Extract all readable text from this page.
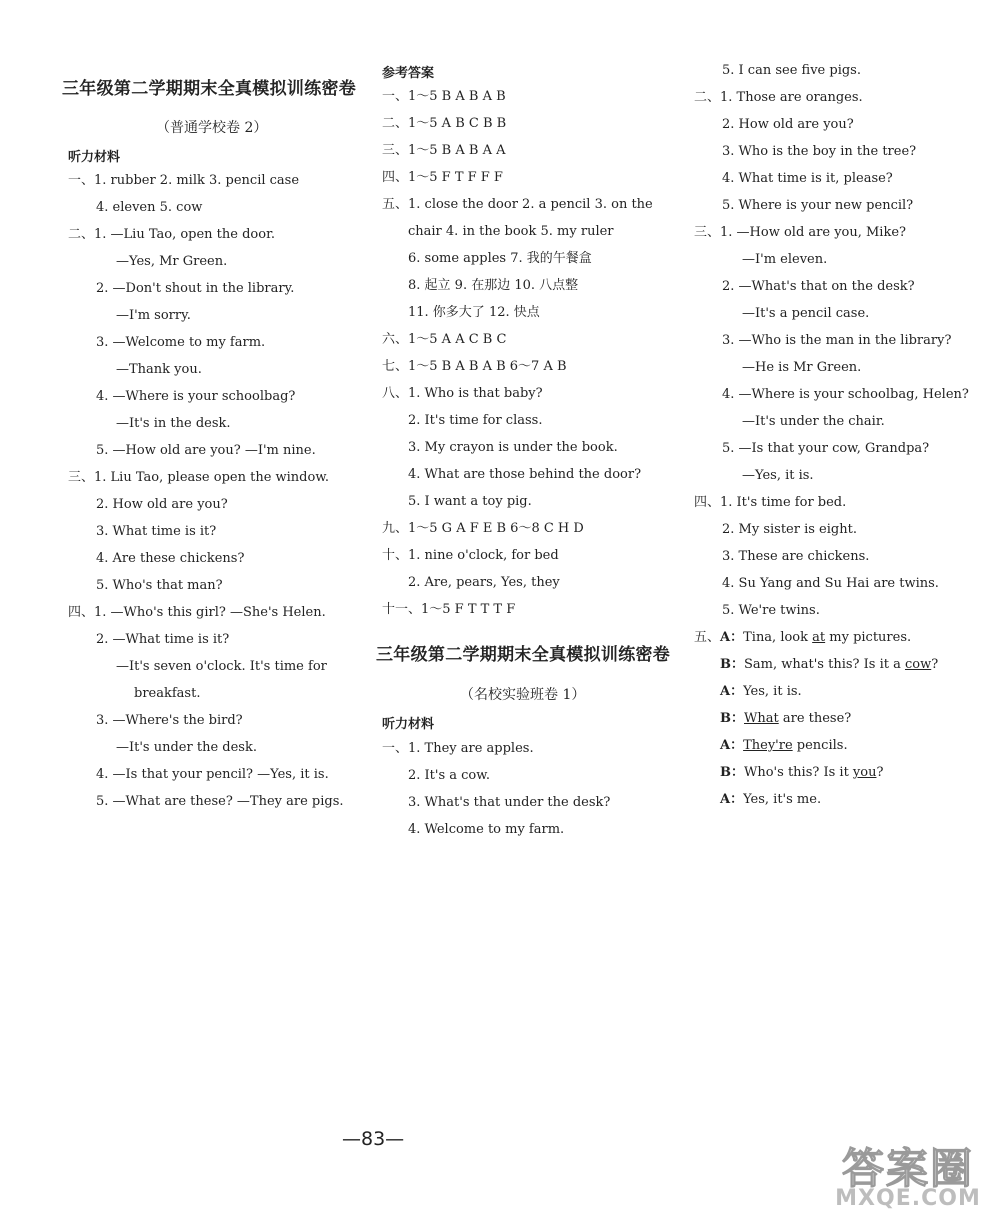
三年级第二学期期末全真模拟训练密卷
（普通学校卷 2）
听力材料
一、1. rubber 2. milk 3. pencil case
4. eleven 5. cow
二、1. —Liu Tao, open the door.
—Yes, Mr Green.
2. —Don't shout in the library.
—I'm sorry.
3. —Welcome to my farm.
—Thank you.
4. —Where is your schoolbag?
—It's in the desk.
5. —How old are you? —I'm nine.
三、1. Liu Tao, please open the window.
2. How old are you?
3. What time is it?
4. Are these chickens?
5. Who's that man?
四、1. —Who's this girl? —She's Helen.
2. —What time is it?
—It's seven o'clock. It's time for
breakfast.
3. —Where's the bird?
—It's under the desk.
4. —Is that your pencil? —Yes, it is.
5. —What are these? —They are pigs.
参考答案
一、1～5 B A B A B
二、1～5 A B C B B
三、1～5 B A B A A
四、1～5 F T F F F
五、1. close the door 2. a pencil 3. on the
chair 4. in the book 5. my ruler
6. some apples 7. 我的午餐盒
8. 起立 9. 在那边 10. 八点整
11. 你多大了 12. 快点
六、1～5 A A C B C
七、1～5 B A B A B 6～7 A B
八、1. Who is that baby?
2. It's time for class.
3. My crayon is under the book.
4. What are those behind the door?
5. I want a toy pig.
九、1～5 G A F E B 6～8 C H D
十、1. nine o'clock, for bed
2. Are, pears, Yes, they
十一、1～5 F T T T F
三年级第二学期期末全真模拟训练密卷
（名校实验班卷 1）
听力材料
一、1. They are apples.
2. It's a cow.
3. What's that under the desk?
4. Welcome to my farm.
5. I can see five pigs.
二、1. Those are oranges.
2. How old are you?
3. Who is the boy in the tree?
4. What time is it, please?
5. Where is your new pencil?
三、1. —How old are you, Mike?
—I'm eleven.
2. —What's that on the desk?
—It's a pencil case.
3. —Who is the man in the library?
—He is Mr Green.
4. —Where is your schoolbag, Helen?
—It's under the chair.
5. —Is that your cow, Grandpa?
—Yes, it is.
四、1. It's time for bed.
2. My sister is eight.
3. These are chickens.
4. Su Yang and Su Hai are twins.
5. We're twins.
五、A：Tina, look at my pictures.
B：Sam, what's this? Is it a cow?
A：Yes, it is.
B：What are these?
A：They're pencils.
B：Who's this? Is it you?
A：Yes, it's me.
—83—
答案圈
MXQE.COM
